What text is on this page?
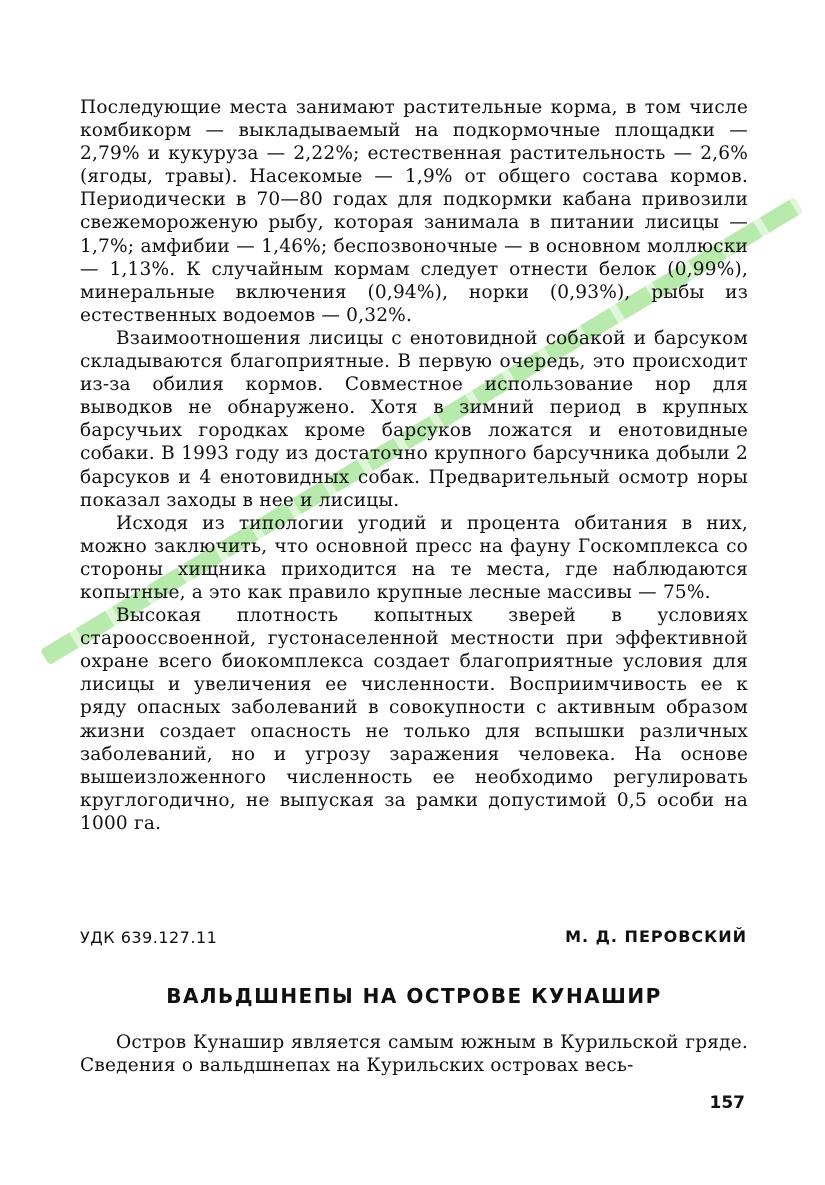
Последующие места занимают растительные корма, в том числе комбикорм — выкладываемый на подкормочные площадки — 2,79% и кукуруза — 2,22%; естественная растительность — 2,6% (ягоды, травы). Насекомые — 1,9% от общего состава кормов. Периодически в 70—80 годах для подкормки кабана привозили свежемороженую рыбу, которая занимала в питании лисицы — 1,7%; амфибии — 1,46%; беспозвоночные — в основном моллюски — 1,13%. К случайным кормам следует отнести белок (0,99%), минеральные включения (0,94%), норки (0,93%), рыбы из естественных водоемов — 0,32%.

Взаимоотношения лисицы с енотовидной собакой и барсуком складываются благоприятные. В первую очередь, это происходит из-за обилия кормов. Совместное использование нор для выводков не обнаружено. Хотя в зимний период в крупных барсучьих городках кроме барсуков ложатся и енотовидные собаки. В 1993 году из достаточно крупного барсучника добыли 2 барсуков и 4 енотовидных собак. Предварительный осмотр норы показал заходы в нее и лисицы.

Исходя из типологии угодий и процента обитания в них, можно заключить, что основной пресс на фауну Госкомплекса со стороны хищника приходится на те места, где наблюдаются копытные, а это как правило крупные лесные массивы — 75%.

Высокая плотность копытных зверей в условиях старооссвоенной, густонаселенной местности при эффективной охране всего биокомплекса создает благоприятные условия для лисицы и увеличения ее численности. Восприимчивость ее к ряду опасных заболеваний в совокупности с активным образом жизни создает опасность не только для вспышки различных заболеваний, но и угрозу заражения человека. На основе вышеизложенного численность ее необходимо регулировать круглогодично, не выпуская за рамки допустимой 0,5 особи на 1000 га.

УДК 639.127.11	М. Д. ПЕРОВСКИЙ
ВАЛЬДШНЕПЫ НА ОСТРОВЕ КУНАШИР

Остров Кунашир является самым южным в Курильской гряде. Сведения о вальдшнепах на Курильских островах весь-

157
